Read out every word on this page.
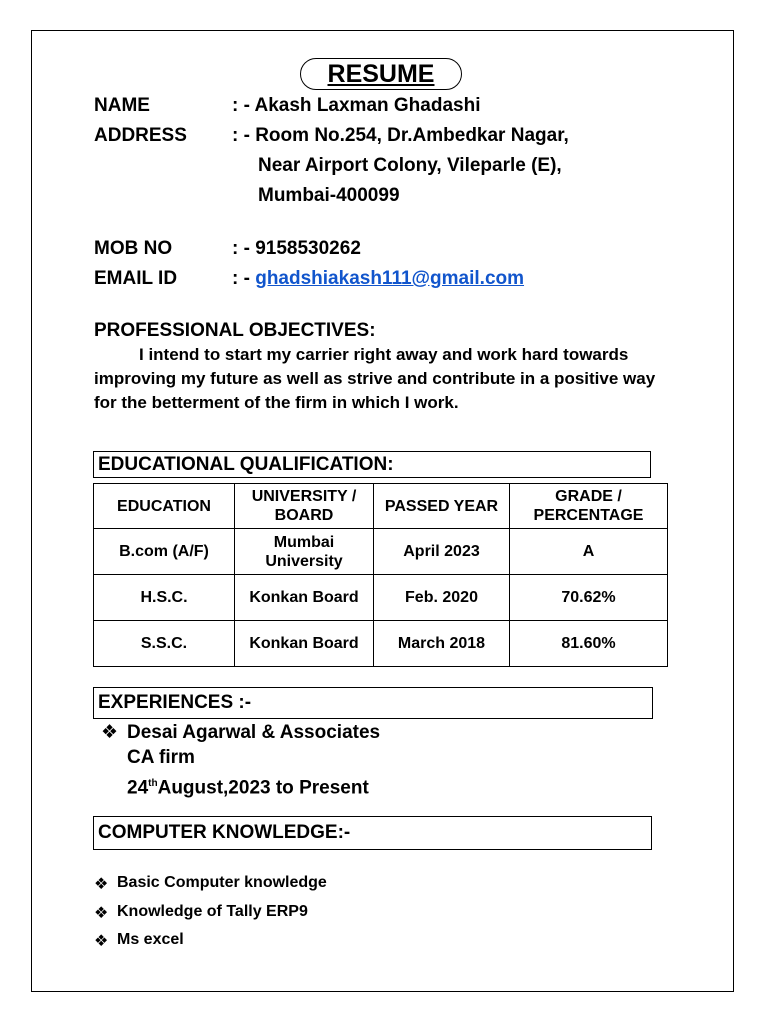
RESUME
NAME	: - Akash Laxman Ghadashi
ADDRESS : - Room No.254, Dr.Ambedkar Nagar,
Near Airport Colony, Vileparle (E),
Mumbai-400099
MOB NO	: - 9158530262
EMAIL ID	: - ghadshiakash111@gmail.com
PROFESSIONAL OBJECTIVES:
I intend to start my carrier right away and work hard towards improving my future as well as strive and contribute in a positive way for the betterment of the firm in which I work.
EDUCATIONAL QUALIFICATION:
EDUCATION	UNIVERSITY / BOARD	PASSED YEAR	GRADE / PERCENTAGE
B.com (A/F)	Mumbai University	April 2023	A
H.S.C.	Konkan Board	Feb. 2020	70.62%
S.S.C.	Konkan Board	March 2018	81.60%
EXPERIENCES :-
❖ Desai Agarwal & Associates
CA firm
24thAugust,2023 to Present
COMPUTER KNOWLEDGE:-
❖ Basic Computer knowledge
❖ Knowledge of Tally ERP9
❖ Ms excel
